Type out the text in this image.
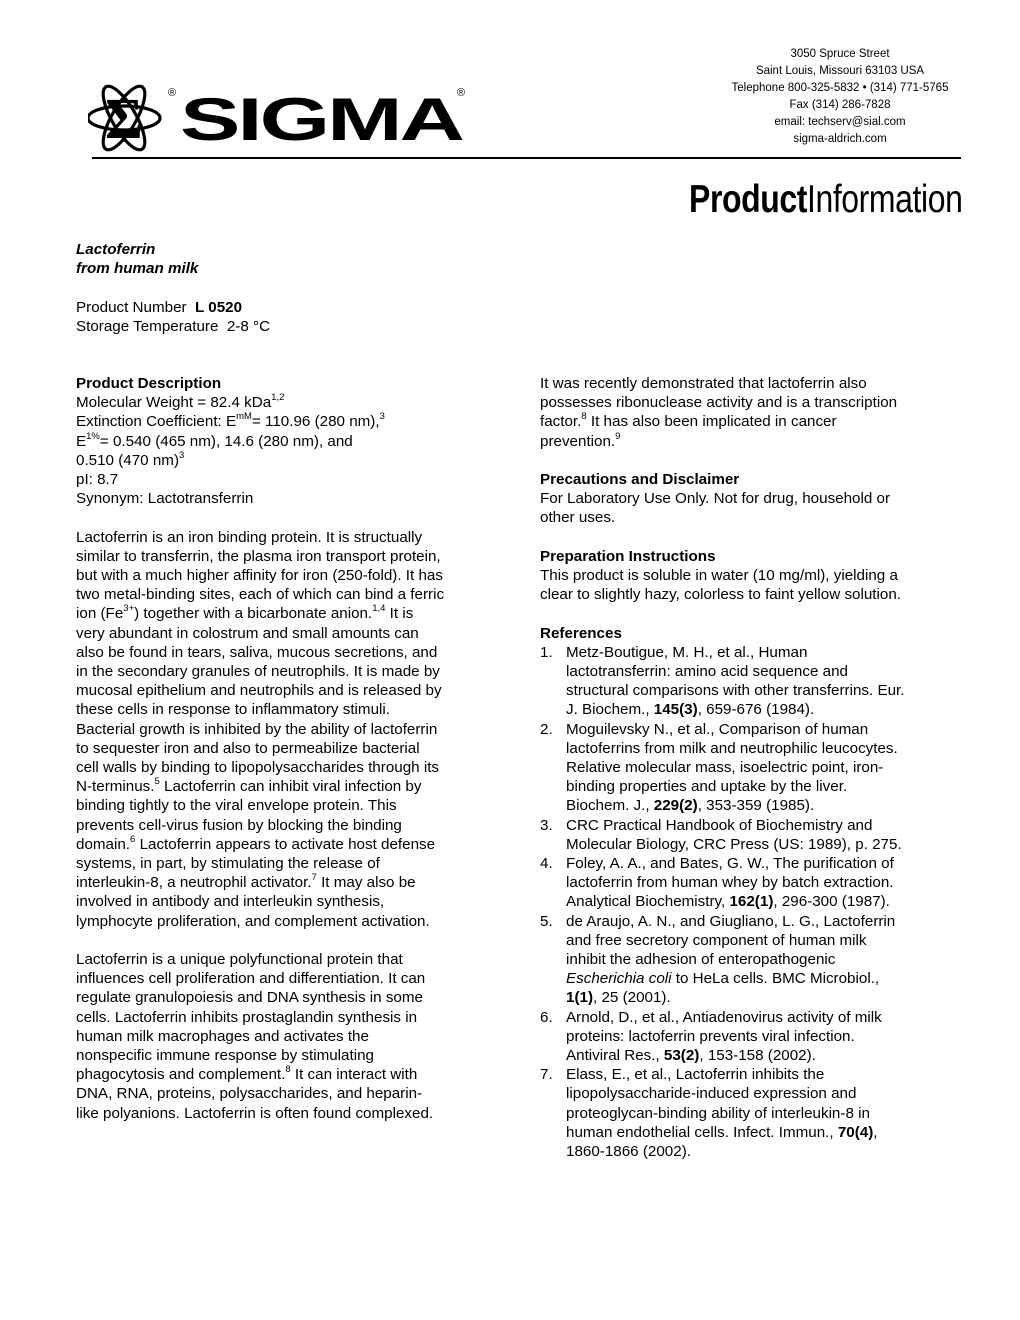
Σ ® SIGMA
®
3050 Spruce Street
Saint Louis, Missouri 63103 USA
Telephone 800-325-5832 • (314) 771-5765
Fax (314) 286-7828
email: techserv@sial.com
sigma-aldrich.com
ProductInformation
Lactoferrin
from human milk
Product Number L 0520
Storage Temperature 2-8 °C
Product Description
Molecular Weight = 82.4 kDa$^{1,2}$
Extinction Coefficient: $E^{mM}= 110.96$ (280 nm),$^3$
$E^{1\%}= 0.540$ (465 nm), 14.6 (280 nm), and
0.510 (470 nm)$^3$
pI: 8.7
Synonym: Lactotransferrin
Lactoferrin is an iron binding protein. It is structually
similar to transferrin, the plasma iron transport protein,
but with a much higher affinity for iron (250-fold). It has
two metal-binding sites, each of which can bind a ferric
ion $(Fe^{3+})$ together with a bicarbonate anion.$^{1,4}$ It is
very abundant in colostrum and small amounts can
also be found in tears, saliva, mucous secretions, and
in the secondary granules of neutrophils. It is made by
mucosal epithelium and neutrophils and is released by
these cells in response to inflammatory stimuli.
Bacterial growth is inhibited by the ability of lactoferrin
to sequester iron and also to permeabilize bacterial
cell walls by binding to lipopolysaccharides through its
N-terminus.$^5$ Lactoferrin can inhibit viral infection by
binding tightly to the viral envelope protein. This
prevents cell-virus fusion by blocking the binding
domain.$^6$ Lactoferrin appears to activate host defense
systems, in part, by stimulating the release of
interleukin-8, a neutrophil activator.$^7$ It may also be
involved in antibody and interleukin synthesis,
lymphocyte proliferation, and complement activation.
Lactoferrin is a unique polyfunctional protein that
influences cell proliferation and differentiation. It can
regulate granulopoiesis and DNA synthesis in some
cells. Lactoferrin inhibits prostaglandin synthesis in
human milk macrophages and activates the
nonspecific immune response by stimulating
phagocytosis and complement.$^8$ It can interact with
DNA, RNA, proteins, polysaccharides, and heparin-
like polyanions. Lactoferrin is often found complexed.
It was recently demonstrated that lactoferrin also
possesses ribonuclease activity and is a transcription
factor.$^8$ It has also been implicated in cancer
prevention.$^9$
Precautions and Disclaimer
For Laboratory Use Only. Not for drug, household or
other uses.
Preparation Instructions
This product is soluble in water (10 mg/ml), yielding a
clear to slightly hazy, colorless to faint yellow solution.
References
1. Metz-Boutigue, M. H., et al., Human
lactotransferrin: amino acid sequence and
structural comparisons with other transferrins. Eur.
J. Biochem., 145(3), 659-676 (1984).
2. Moguilevsky N., et al., Comparison of human
lactoferrins from milk and neutrophilic leucocytes.
Relative molecular mass, isoelectric point, iron-
binding properties and uptake by the liver.
Biochem. J., 229(2), 353-359 (1985).
3. CRC Practical Handbook of Biochemistry and
Molecular Biology, CRC Press (US: 1989), p. 275.
4. Foley, A. A., and Bates, G. W., The purification of
lactoferrin from human whey by batch extraction.
Analytical Biochemistry, 162(1), 296-300 (1987).
5. de Araujo, A. N., and Giugliano, L. G., Lactoferrin
and free secretory component of human milk
inhibit the adhesion of enteropathogenic
Escherichia coli to HeLa cells. BMC Microbiol.,
1(1), 25 (2001).
6. Arnold, D., et al., Antiadenovirus activity of milk
proteins: lactoferrin prevents viral infection.
Antiviral Res., 53(2), 153-158 (2002).
7. Elass, E., et al., Lactoferrin inhibits the
lipopolysaccharide-induced expression and
proteoglycan-binding ability of interleukin-8 in
human endothelial cells. Infect. Immun., 70(4),
1860-1866 (2002).
